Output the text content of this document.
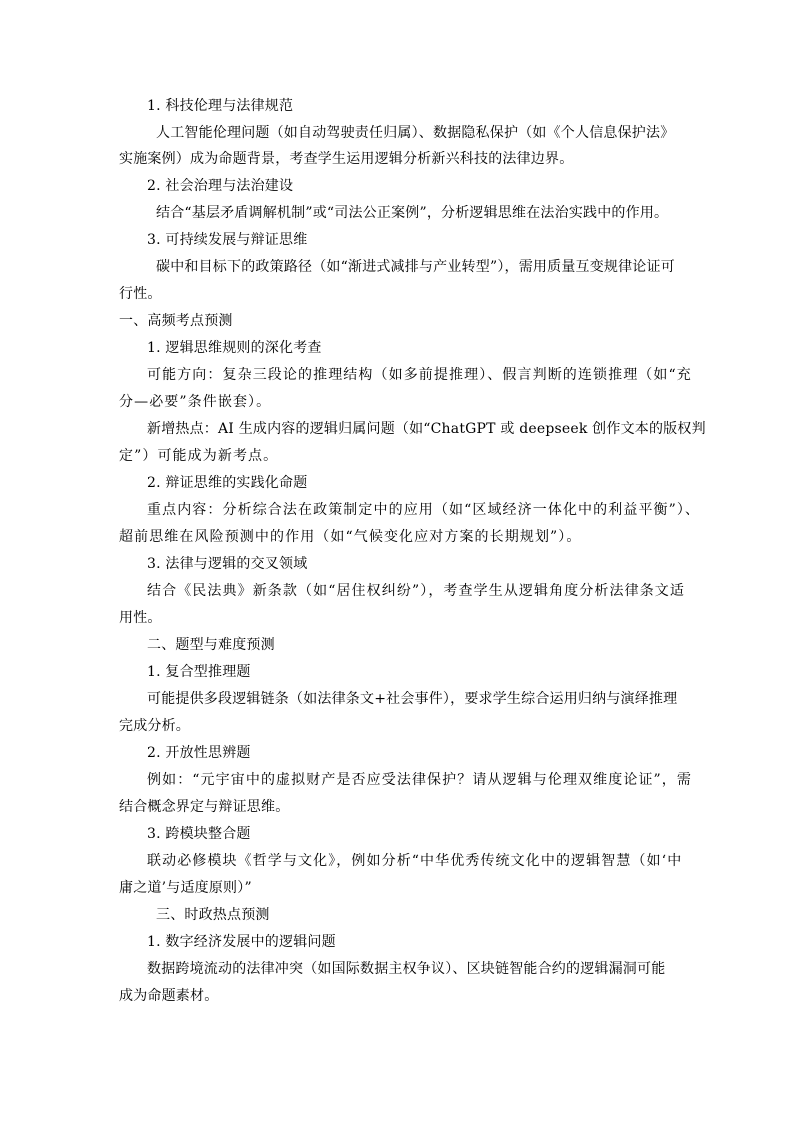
1. 科技伦理与法律规范
人工智能伦理问题（如自动驾驶责任归属）、数据隐私保护（如《个人信息保护法》
实施案例）成为命题背景，考查学生运用逻辑分析新兴科技的法律边界。
2. 社会治理与法治建设
结合“基层矛盾调解机制”或“司法公正案例”，分析逻辑思维在法治实践中的作用。
3. 可持续发展与辩证思维
碳中和目标下的政策路径（如“渐进式减排与产业转型”），需用质量互变规律论证可
行性。
一、高频考点预测
1. 逻辑思维规则的深化考查
可能方向：复杂三段论的推理结构（如多前提推理）、假言判断的连锁推理（如“充
分—必要”条件嵌套）。
新增热点：AI 生成内容的逻辑归属问题（如“ChatGPT 或 deepseek 创作文本的版权判
定”）可能成为新考点。
2. 辩证思维的实践化命题
重点内容：分析综合法在政策制定中的应用（如“区域经济一体化中的利益平衡”）、
超前思维在风险预测中的作用（如“气候变化应对方案的长期规划”）。
3. 法律与逻辑的交叉领域
结合《民法典》新条款（如“居住权纠纷”），考查学生从逻辑角度分析法律条文适
用性。
二、题型与难度预测
1. 复合型推理题
可能提供多段逻辑链条（如法律条文+社会事件），要求学生综合运用归纳与演绎推理
完成分析。
2. 开放性思辨题
例如：“元宇宙中的虚拟财产是否应受法律保护？请从逻辑与伦理双维度论证”，需
结合概念界定与辩证思维。
3. 跨模块整合题
联动必修模块《哲学与文化》，例如分析“中华优秀传统文化中的逻辑智慧（如‘中
庸之道’与适度原则）”
三、时政热点预测
1. 数字经济发展中的逻辑问题
数据跨境流动的法律冲突（如国际数据主权争议）、区块链智能合约的逻辑漏洞可能
成为命题素材。
